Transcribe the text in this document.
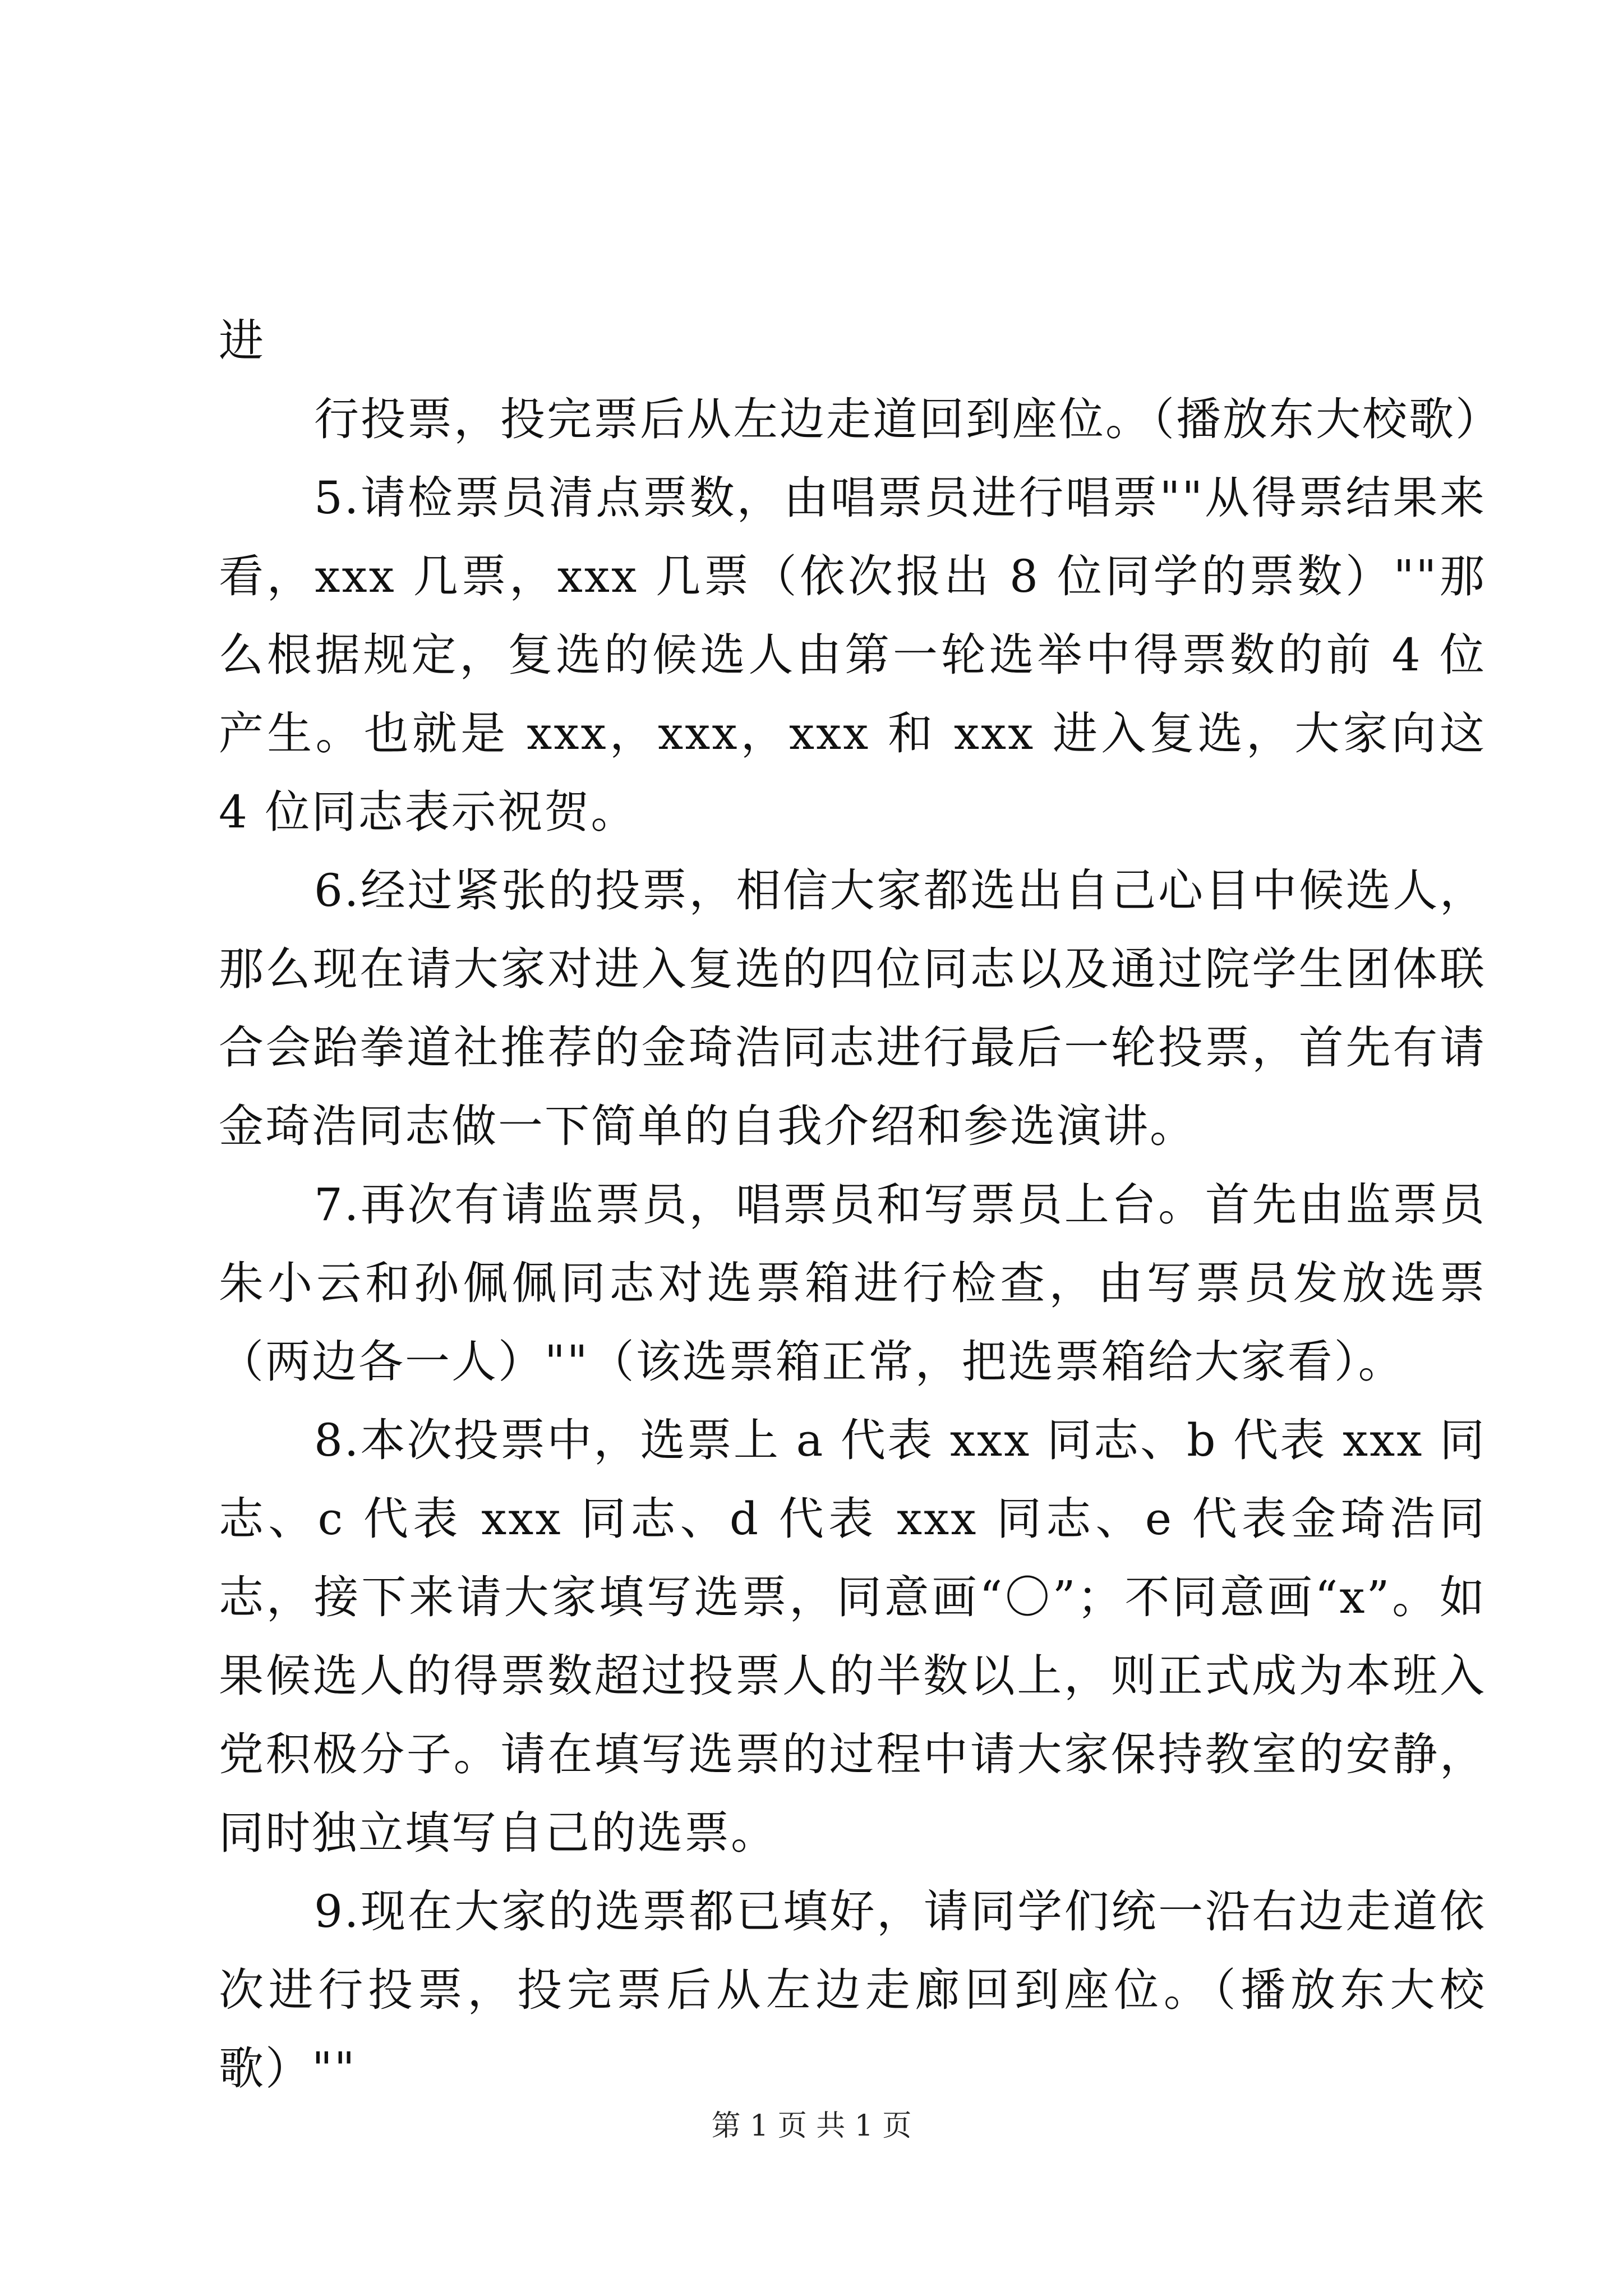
进

行投票，投完票后从左边走道回到座位。（播放东大校歌）

5.请检票员清点票数，由唱票员进行唱票""从得票结果来看，xxx 几票，xxx 几票（依次报出 8 位同学的票数）""那么根据规定，复选的候选人由第一轮选举中得票数的前 4 位产生。也就是 xxx，xxx，xxx 和 xxx 进入复选，大家向这 4 位同志表示祝贺。

6.经过紧张的投票，相信大家都选出自己心目中候选人，那么现在请大家对进入复选的四位同志以及通过院学生团体联合会跆拳道社推荐的金琦浩同志进行最后一轮投票，首先有请金琦浩同志做一下简单的自我介绍和参选演讲。

7.再次有请监票员，唱票员和写票员上台。首先由监票员朱小云和孙佩佩同志对选票箱进行检查，由写票员发放选票（两边各一人）""（该选票箱正常，把选票箱给大家看）。

8.本次投票中，选票上 a 代表 xxx 同志、b 代表 xxx 同志、c 代表 xxx 同志、d 代表 xxx 同志、e 代表金琦浩同志，接下来请大家填写选票，同意画“〇”；不同意画“x”。如果候选人的得票数超过投票人的半数以上，则正式成为本班入党积极分子。请在填写选票的过程中请大家保持教室的安静，同时独立填写自己的选票。

9.现在大家的选票都已填好，请同学们统一沿右边走道依次进行投票，投完票后从左边走廊回到座位。（播放东大校歌）""

第 1 页 共 1 页
